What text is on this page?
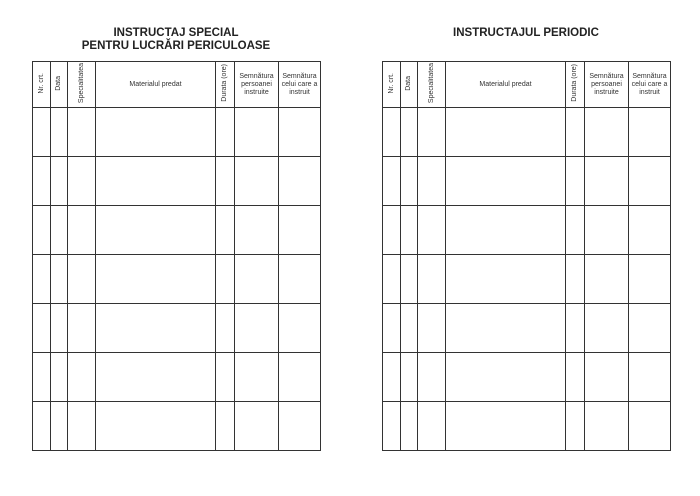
INSTRUCTAJ SPECIAL
PENTRU LUCRĂRI PERICULOASE
Nr. crt.	Data	Specialitatea	Materialul predat	Durata (ore)	Semnătura persoanei instruite	Semnătura celui care a instruit

INSTRUCTAJUL PERIODIC
Nr. crt.	Data	Specialitatea	Materialul predat	Durata (ore)	Semnătura persoanei instruite	Semnătura celui care a instruit
